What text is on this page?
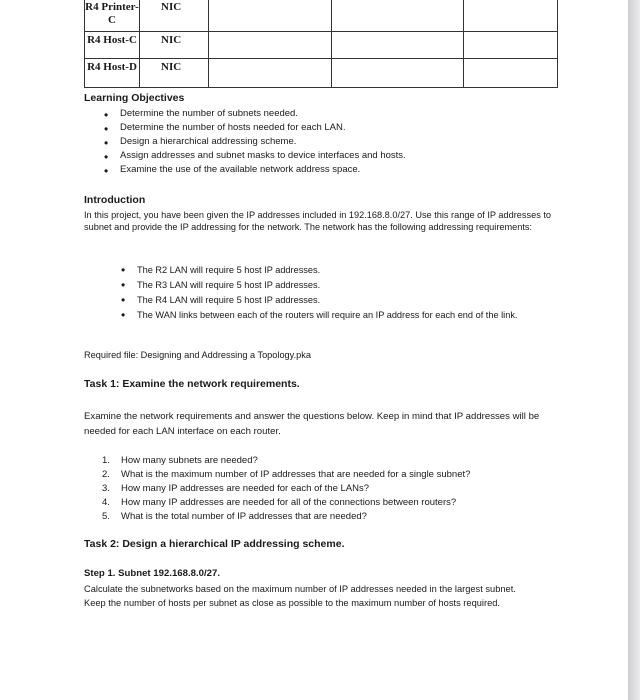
R4 Printer-C	NIC			
R4 Host-C	NIC			
R4 Host-D	NIC			
Learning Objectives
• Determine the number of subnets needed.
• Determine the number of hosts needed for each LAN.
• Design a hierarchical addressing scheme.
• Assign addresses and subnet masks to device interfaces and hosts.
• Examine the use of the available network address space.
Introduction
In this project, you have been given the IP addresses included in 192.168.8.0/27. Use this range of IP addresses to subnet and provide the IP addressing for the network. The network has the following addressing requirements:
• The R2 LAN will require 5 host IP addresses.
• The R3 LAN will require 5 host IP addresses.
• The R4 LAN will require 5 host IP addresses.
• The WAN links between each of the routers will require an IP address for each end of the link.
Required file: Designing and Addressing a Topology.pka
Task 1: Examine the network requirements.
Examine the network requirements and answer the questions below. Keep in mind that IP addresses will be needed for each LAN interface on each router.
1. How many subnets are needed?
2. What is the maximum number of IP addresses that are needed for a single subnet?
3. How many IP addresses are needed for each of the LANs?
4. How many IP addresses are needed for all of the connections between routers?
5. What is the total number of IP addresses that are needed?
Task 2: Design a hierarchical IP addressing scheme.
Step 1. Subnet 192.168.8.0/27.
Calculate the subnetworks based on the maximum number of IP addresses needed in the largest subnet.
Keep the number of hosts per subnet as close as possible to the maximum number of hosts required.
